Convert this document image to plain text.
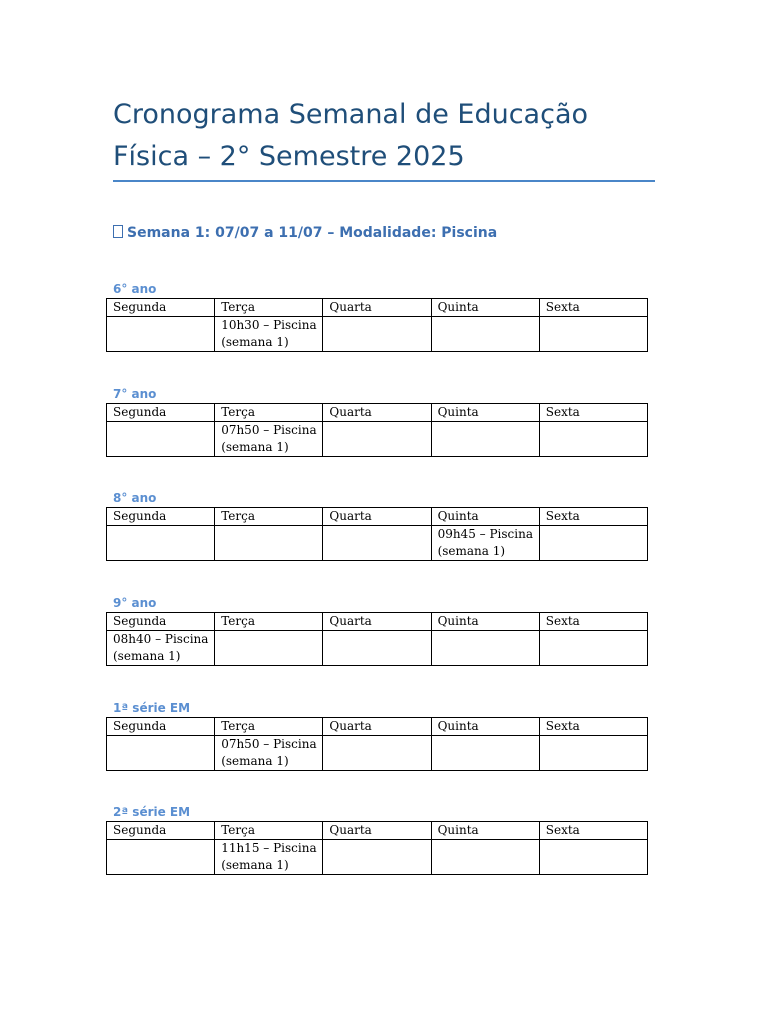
Cronograma Semanal de Educação Física – 2° Semestre 2025
Semana 1: 07/07 a 11/07 – Modalidade: Piscina
6° ano
Segunda	Terça	Quarta	Quinta	Sexta
	10h30 – Piscina (semana 1)			
7° ano
Segunda	Terça	Quarta	Quinta	Sexta
	07h50 – Piscina (semana 1)			
8° ano
Segunda	Terça	Quarta	Quinta	Sexta
			09h45 – Piscina (semana 1)	
9° ano
Segunda	Terça	Quarta	Quinta	Sexta
08h40 – Piscina (semana 1)				
1ª série EM
Segunda	Terça	Quarta	Quinta	Sexta
	07h50 – Piscina (semana 1)			
2ª série EM
Segunda	Terça	Quarta	Quinta	Sexta
	11h15 – Piscina (semana 1)			
